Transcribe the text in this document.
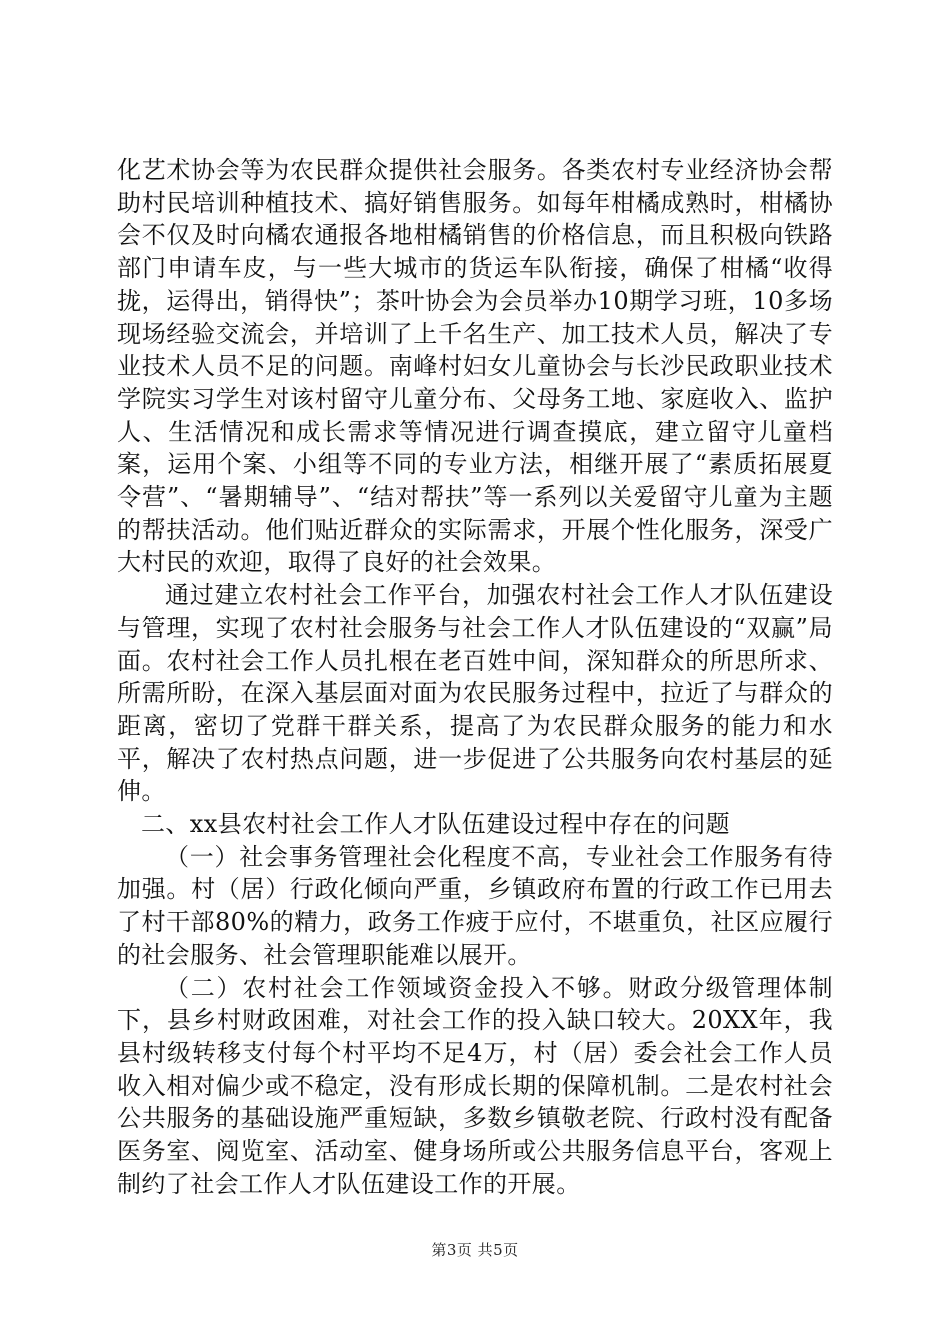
化艺术协会等为农民群众提供社会服务。各类农村专业经济协会帮助村民培训种植技术、搞好销售服务。如每年柑橘成熟时，柑橘协会不仅及时向橘农通报各地柑橘销售的价格信息，而且积极向铁路部门申请车皮，与一些大城市的货运车队衔接，确保了柑橘“收得拢，运得出，销得快”；茶叶协会为会员举办10期学习班，10多场现场经验交流会，并培训了上千名生产、加工技术人员，解决了专业技术人员不足的问题。南峰村妇女儿童协会与长沙民政职业技术学院实习学生对该村留守儿童分布、父母务工地、家庭收入、监护人、生活情况和成长需求等情况进行调查摸底，建立留守儿童档案，运用个案、小组等不同的专业方法，相继开展了“素质拓展夏令营”、“暑期辅导”、“结对帮扶”等一系列以关爱留守儿童为主题的帮扶活动。他们贴近群众的实际需求，开展个性化服务，深受广大村民的欢迎，取得了良好的社会效果。

通过建立农村社会工作平台，加强农村社会工作人才队伍建设与管理，实现了农村社会服务与社会工作人才队伍建设的“双赢”局面。农村社会工作人员扎根在老百姓中间，深知群众的所思所求、所需所盼，在深入基层面对面为农民服务过程中，拉近了与群众的距离，密切了党群干群关系，提高了为农民群众服务的能力和水平，解决了农村热点问题，进一步促进了公共服务向农村基层的延伸。

二、xx县农村社会工作人才队伍建设过程中存在的问题

（一）社会事务管理社会化程度不高，专业社会工作服务有待加强。村（居）行政化倾向严重，乡镇政府布置的行政工作已用去了村干部80%的精力，政务工作疲于应付，不堪重负，社区应履行的社会服务、社会管理职能难以展开。

（二）农村社会工作领域资金投入不够。财政分级管理体制下，县乡村财政困难，对社会工作的投入缺口较大。20XX年，我县村级转移支付每个村平均不足4万，村（居）委会社会工作人员收入相对偏少或不稳定，没有形成长期的保障机制。二是农村社会公共服务的基础设施严重短缺，多数乡镇敬老院、行政村没有配备医务室、阅览室、活动室、健身场所或公共服务信息平台，客观上制约了社会工作人才队伍建设工作的开展。

第3页 共5页
